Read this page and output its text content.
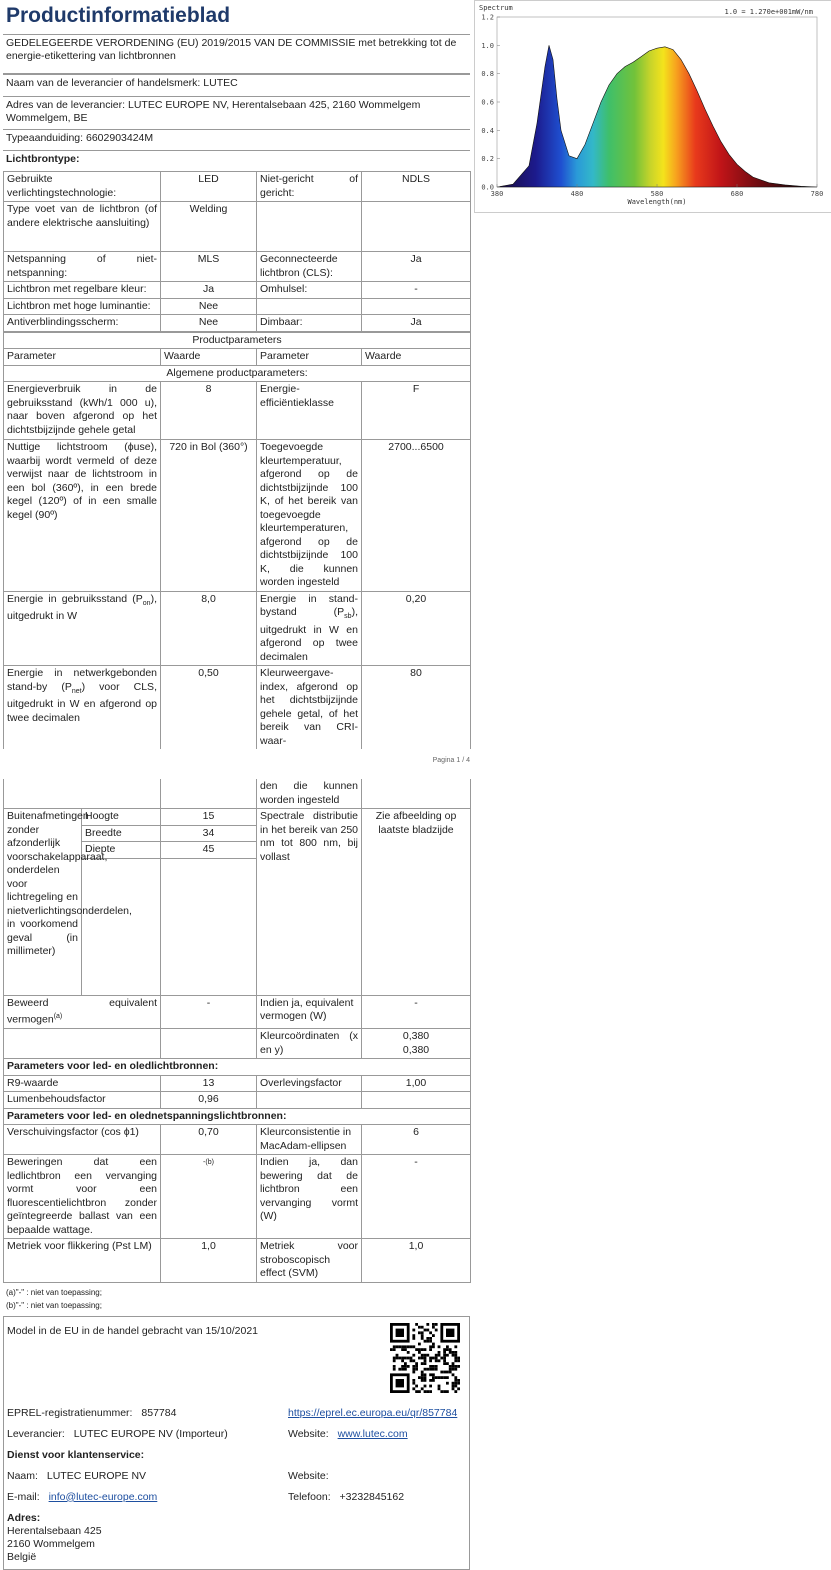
Productinformatieblad
GEDELEGEERDE VERORDENING (EU) 2019/2015 VAN DE COMMISSIE met betrekking tot de energie-etikettering van lichtbronnen
Naam van de leverancier of handelsmerk: LUTEC
Adres van de leverancier: LUTEC EUROPE NV, Herentalsebaan 425, 2160 Wommelgem Wommelgem, BE
Typeaanduiding: 6602903424M
Lichtbrontype:
Gebruikte verlichtingstechnologie:	LED	Niet-gericht of gericht:	NDLS
Type voet van de lichtbron (of andere elektrische aansluiting)	Welding		
Netspanning of niet-netspanning:	MLS	Geconnecteerde lichtbron (CLS):	Ja
Lichtbron met regelbare kleur:	Ja	Omhulsel:	-
Lichtbron met hoge luminantie:	Nee		
Antiverblindingsscherm:	Nee	Dimbaar:	Ja
Productparameters			
Parameter	Waarde	Parameter	Waarde
Algemene productparameters:			
Energieverbruik in de gebruiksstand (kWh/1 000 u), naar boven afgerond op het dichtstbijzijnde gehele getal	8	Energie-efficiëntieklasse	F
Nuttige lichtstroom (ϕuse), waarbij wordt vermeld of deze verwijst naar de lichtstroom in een bol (360º), in een brede kegel (120º) of in een smalle kegel (90º)	720 in Bol (360°)	Toegevoegde kleurtemperatuur, afgerond op de dichtstbijzijnde 100 K, of het bereik van toegevoegde kleurtemperaturen, afgerond op de dichtstbijzijnde 100 K, die kunnen worden ingesteld	2700...6500
Energie in gebruiksstand $(P_{on})$, uitgedrukt in W	8,0	Energie in stand-bystand $(P_{sb})$, uitgedrukt in W en afgerond op twee decimalen	0,20
Energie in netwerkgebonden stand-by $(P_{net})$ voor CLS, uitgedrukt in W en afgerond op twee decimalen	0,50	Kleurweergave-index, afgerond op het dichtstbijzijnde gehele getal, of het bereik van CRI-waar-	80
Pagina 1 / 4
			den die kunnen worden ingesteld	
Buitenafmetingen zonder afzonderlijk voorschakelapparaat, onderdelen voor lichtregeling en nietverlichtingsonderdelen, in voorkomend geval (in millimeter)	Hoogte	15	Spectrale distributie in het bereik van 250 nm tot 800 nm, bij vollast	Zie afbeelding op laatste bladzijde
	Breedte	34		
	Diepte	45		

Beweerd equivalent vermogen$^{(a)}$		-	Indien ja, equivalent vermogen (W)	-
			Kleurcoördinaten (x en y)	0,380
0,380

Parameters voor led- en oledlichtbronnen:				
R9-waarde		13	Overlevingsfactor	1,00
Lumenbehoudsfactor		0,96		
Parameters voor led- en olednetspanningslichtbronnen:				
Verschuivingsfactor (cos ϕ1)		0,70	Kleurconsistentie in MacAdam-ellipsen	6
Beweringen dat een ledlichtbron een vervanging vormt voor een fluorescentielichtbron zonder geïntegreerde ballast van een bepaalde wattage.		$^{-(b)}$	Indien ja, dan bewering dat de lichtbron een vervanging vormt (W)	-
Metriek voor flikkering (Pst LM)		1,0	Metriek voor stroboscopisch effect (SVM)	1,0
(a)"-" : niet van toepassing;
(b)"-" : niet van toepassing;
Model in de EU in de handel gebracht van 15/10/2021
EPREL-registratienummer: 857784	https://eprel.ec.europa.eu/qr/857784
Leverancier: LUTEC EUROPE NV (Importeur)	Website: www.lutec.com
Dienst voor klantenservice:
Naam: LUTEC EUROPE NV	Website:
E-mail: info@lutec-europe.com	Telefoon: +3232845162
Adres:
Herentalsebaan 425
2160 Wommelgem
België
0.0
0.2
0.4
0.6
0.8
1.0
1.2
380	480	580	680	780
Spectrum	1.0 = 1.270e+001mW/nm
Wavelength(nm)
